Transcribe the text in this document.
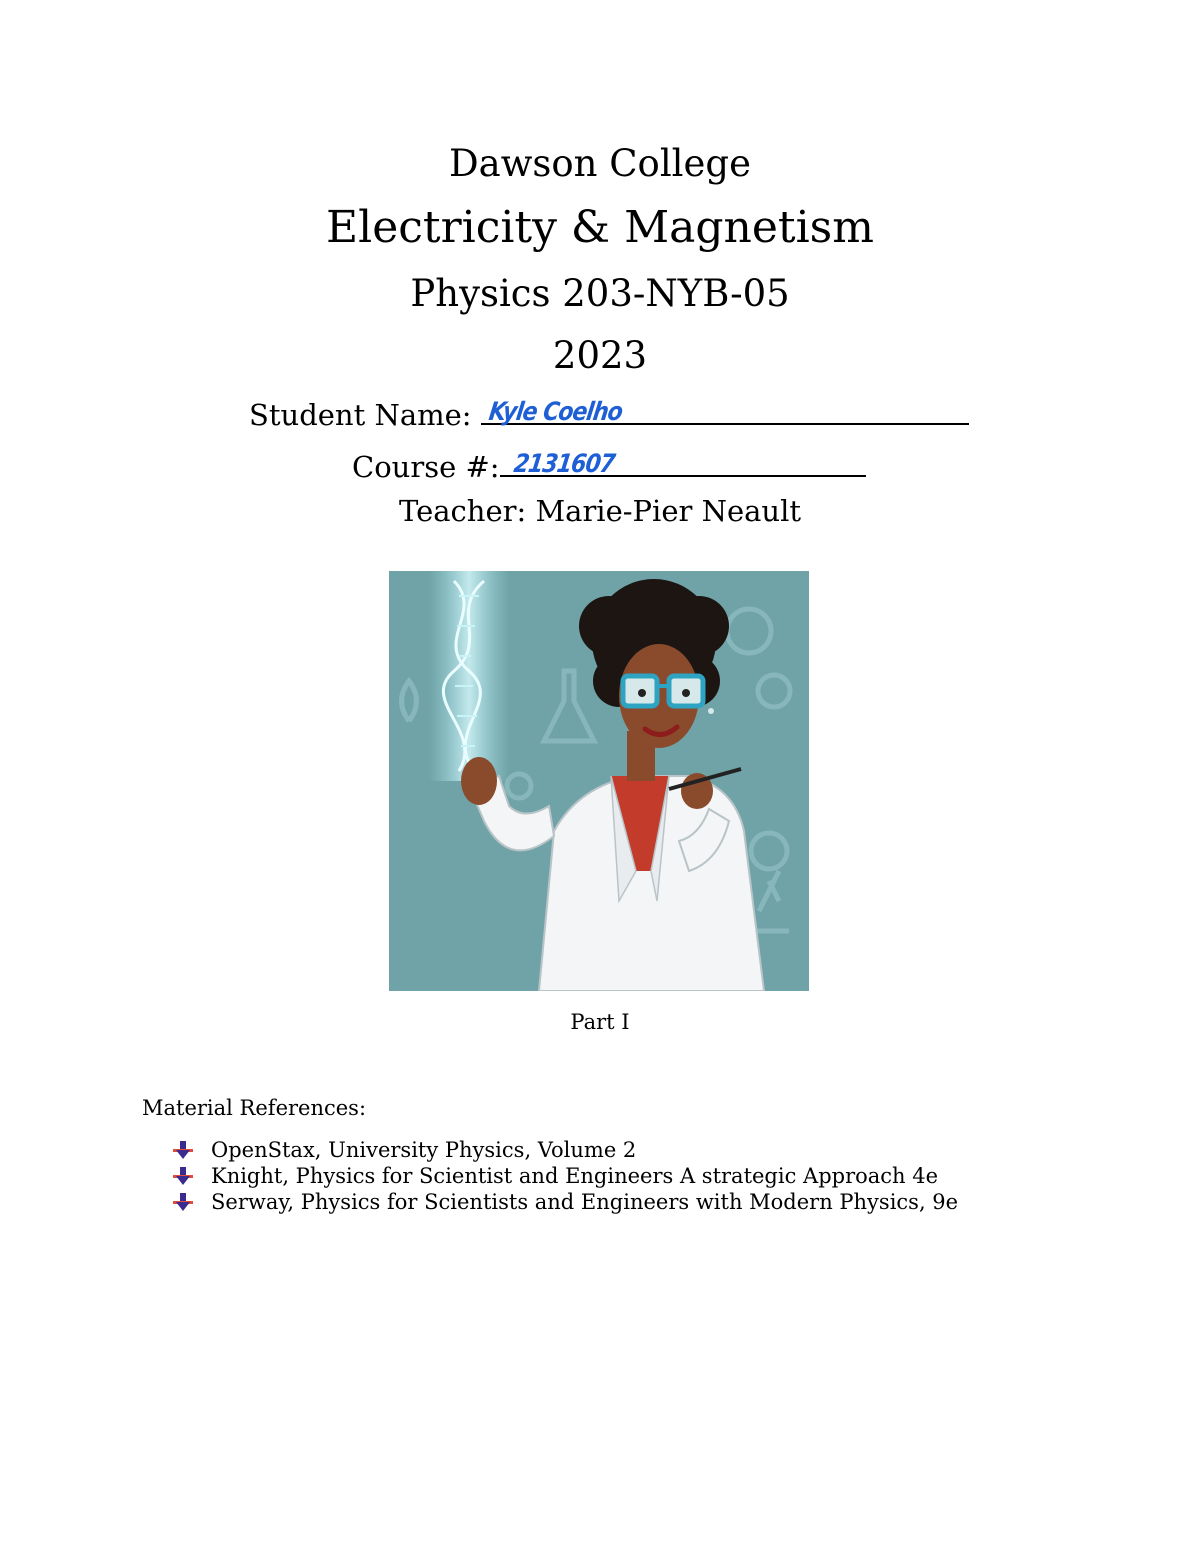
Dawson College
Electricity & Magnetism
Physics 203-NYB-05
2023
Student Name: Kyle Coelho
Course #: 2131607
Teacher: Marie-Pier Neault
Part I
Material References:
OpenStax, University Physics, Volume 2
Knight, Physics for Scientist and Engineers A strategic Approach 4e
Serway, Physics for Scientists and Engineers with Modern Physics, 9e
